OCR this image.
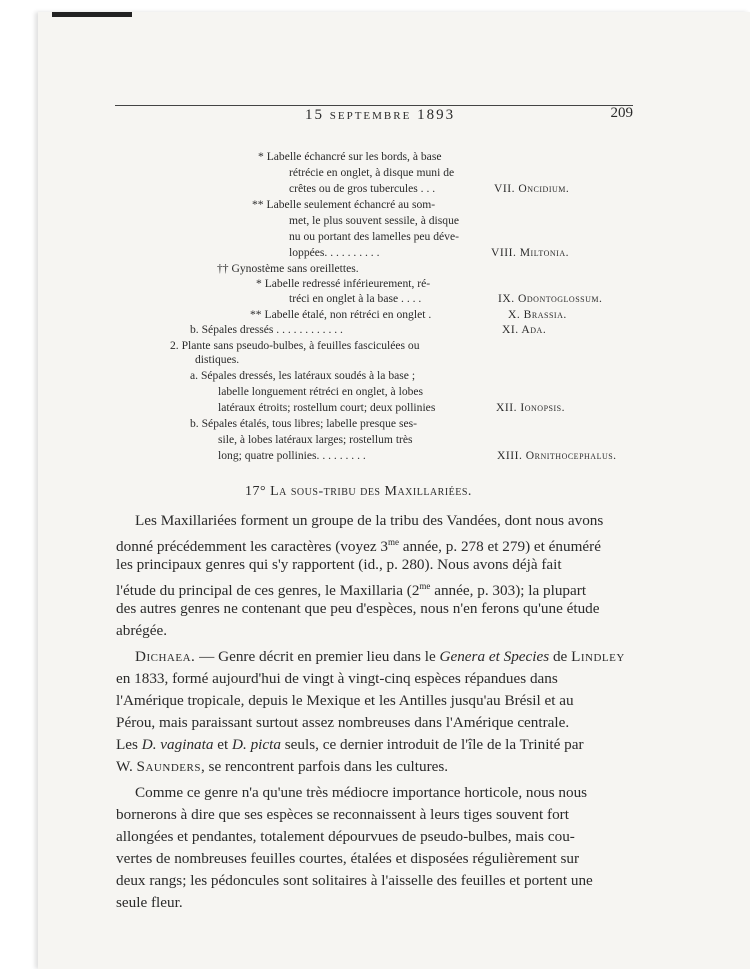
15 septembre 1893	209
* Labelle échancré sur les bords, à base
rétrécie en onglet, à disque muni de
crêtes ou de gros tubercules . . .	VII. Oncidium.
** Labelle seulement échancré au som-
met, le plus souvent sessile, à disque
nu ou portant des lamelles peu déve-
loppées. . . . . . . . . .	VIII. Miltonia.
†† Gynostème sans oreillettes.
* Labelle redressé inférieurement, ré-
tréci en onglet à la base . . . .	IX. Odontoglossum.
** Labelle étalé, non rétréci en onglet .	X. Brassia.
b. Sépales dressés . . . . . . . . . . . .	XI. Ada.
2. Plante sans pseudo-bulbes, à feuilles fasciculées ou
distiques.
a. Sépales dressés, les latéraux soudés à la base ;
labelle longuement rétréci en onglet, à lobes
latéraux étroits; rostellum court; deux pollinies	XII. Ionopsis.
b. Sépales étalés, tous libres; labelle presque ses-
sile, à lobes latéraux larges; rostellum très
long; quatre pollinies. . . . . . . . .	XIII. Ornithocephalus.
17° La sous-tribu des Maxillariées.
Les Maxillariées forment un groupe de la tribu des Vandées, dont nous avons
donné précédemment les caractères (voyez $3^{me}$ année, p. 278 et 279) et énuméré
les principaux genres qui s'y rapportent (id., p. 280). Nous avons déjà fait
l'étude du principal de ces genres, le Maxillaria ($2^{me}$ année, p. 303); la plupart
des autres genres ne contenant que peu d'espèces, nous n'en ferons qu'une étude
abrégée.
Dichaea. — Genre décrit en premier lieu dans le Genera et Species de Lindley
en 1833, formé aujourd'hui de vingt à vingt-cinq espèces répandues dans
l'Amérique tropicale, depuis le Mexique et les Antilles jusqu'au Brésil et au
Pérou, mais paraissant surtout assez nombreuses dans l'Amérique centrale.
Les D. vaginata et D. picta seuls, ce dernier introduit de l'île de la Trinité par
W. Saunders, se rencontrent parfois dans les cultures.
Comme ce genre n'a qu'une très médiocre importance horticole, nous nous
bornerons à dire que ses espèces se reconnaissent à leurs tiges souvent fort
allongées et pendantes, totalement dépourvues de pseudo-bulbes, mais cou-
vertes de nombreuses feuilles courtes, étalées et disposées régulièrement sur
deux rangs; les pédoncules sont solitaires à l'aisselle des feuilles et portent une
seule fleur.
